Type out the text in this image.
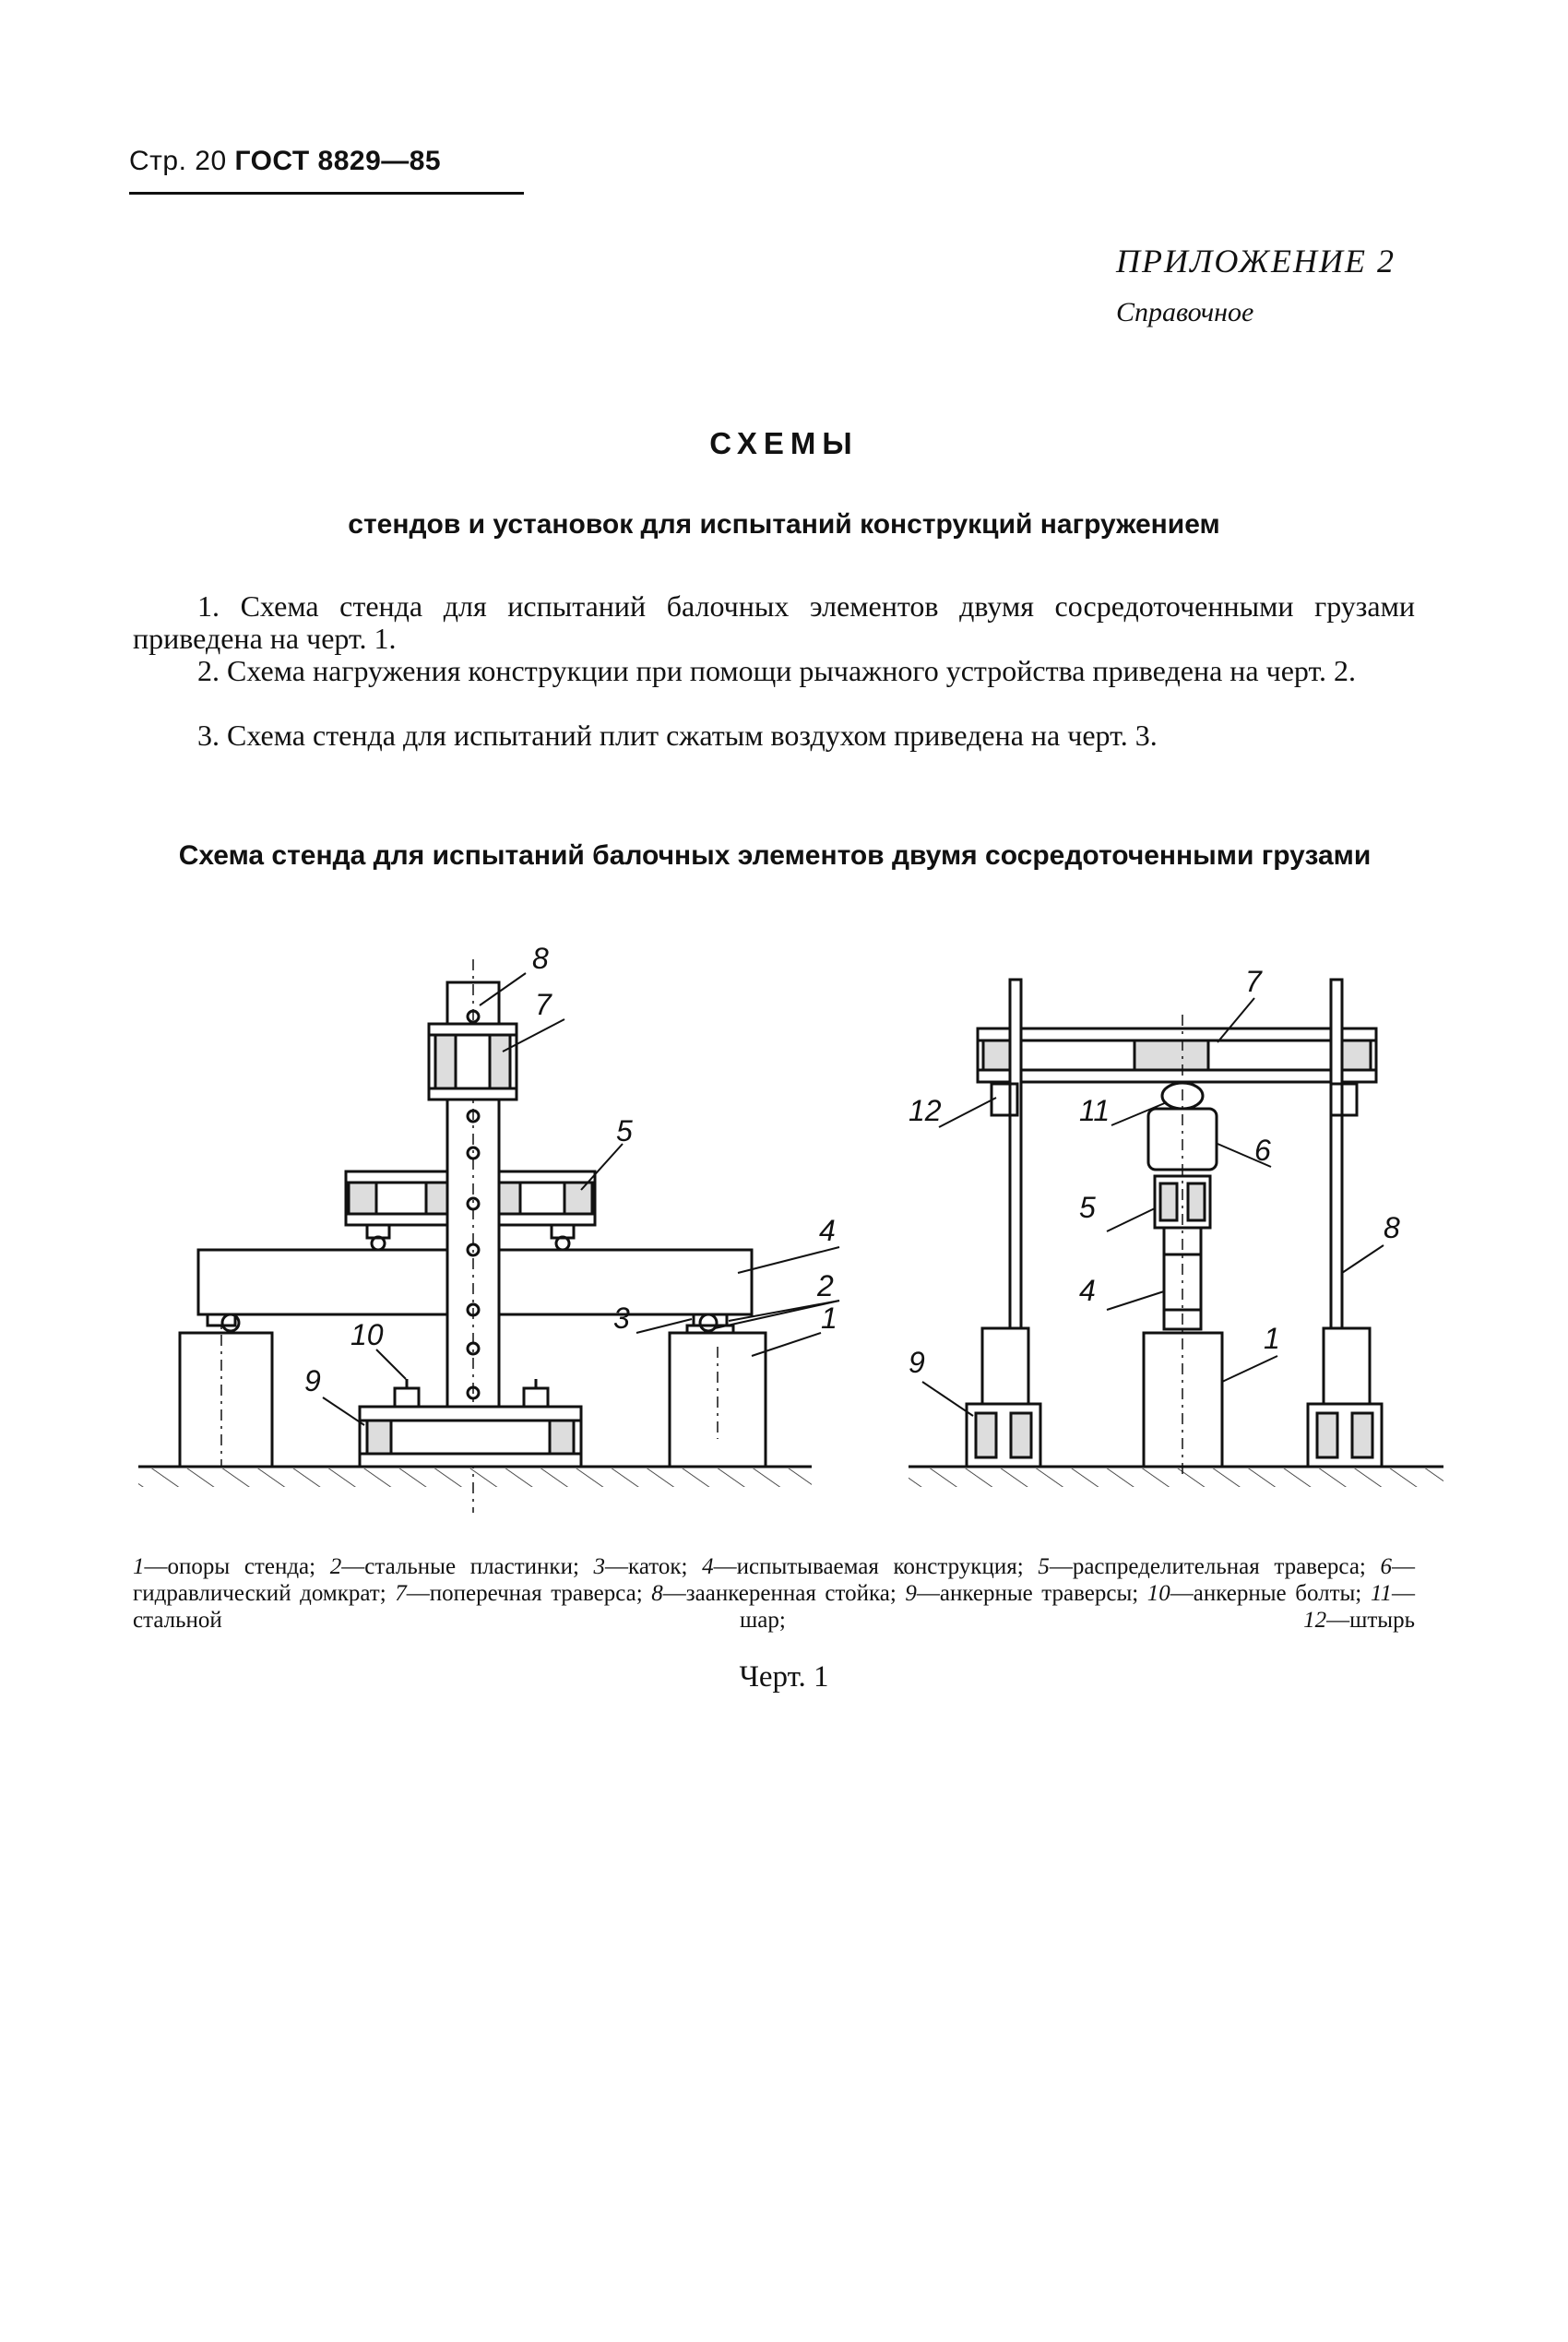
Стр. 20 ГОСТ 8829—85
ПРИЛОЖЕНИЕ 2
Справочное
СХЕМЫ
стендов и установок для испытаний конструкций нагружением
1. Схема стенда для испытаний балочных элементов двумя сосредоточенными грузами приведена на черт. 1.
2. Схема нагружения конструкции при помощи рычажного устройства приведена на черт. 2.
3. Схема стенда для испытаний плит сжатым воздухом приведена на черт. 3.
Схема стенда для испытаний балочных элементов двумя сосредоточенными грузами
8
7
5
4
2
3	1
10
9
7
12	11
6
5
8
4
1
9
1—опоры стенда; 2—стальные пластинки; 3—каток; 4—испытываемая конструкция; 5—распределительная траверса; 6—гидравлический домкрат; 7—поперечная траверса; 8—заанкеренная стойка; 9—анкерные траверсы; 10—анкерные болты; 11—стальной шар; 12—штырь
Черт. 1
